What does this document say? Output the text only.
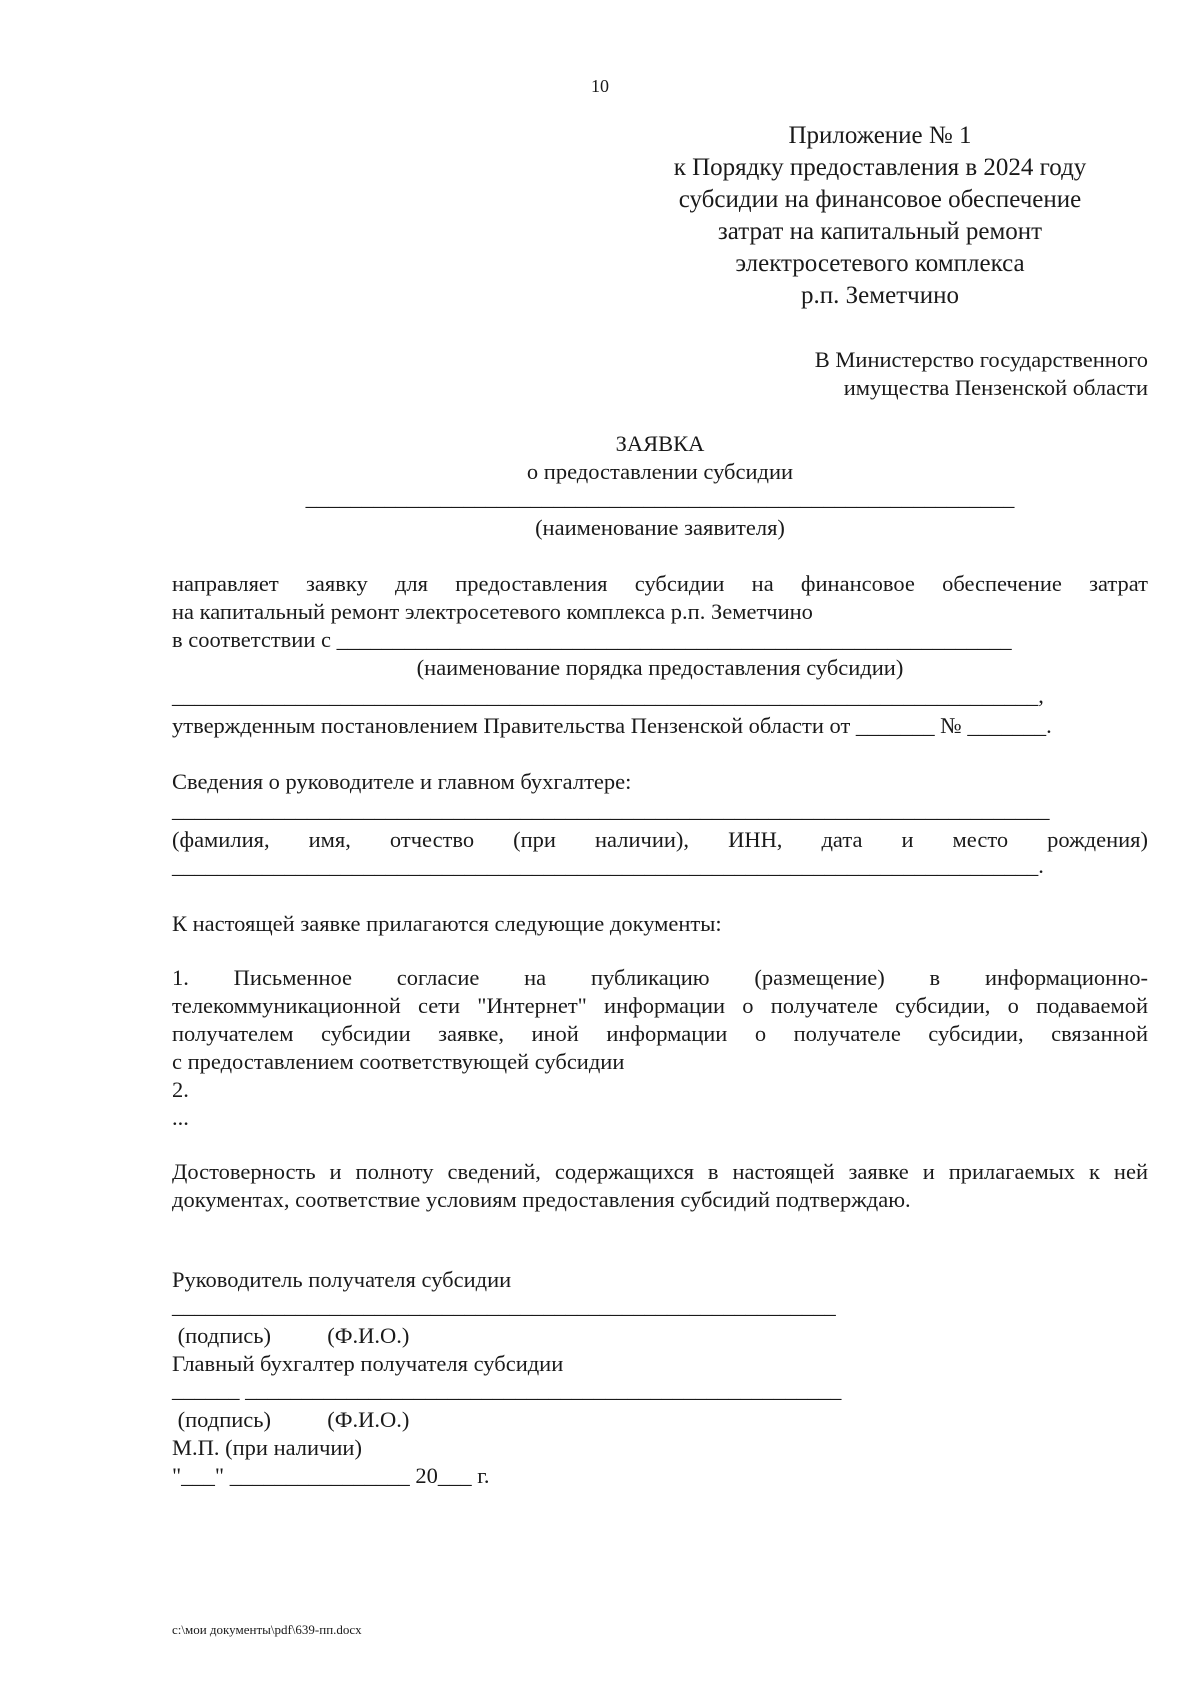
10
Приложение № 1
к Порядку предоставления в 2024 году
субсидии на финансовое обеспечение
затрат на капитальный ремонт
электросетевого комплекса
р.п. Земетчино
В Министерство государственного
имущества Пензенской области
ЗАЯВКА
о предоставлении субсидии
_______________________________________________________________
(наименование заявителя)
направляет заявку для предоставления субсидии на финансовое обеспечение затрат
на капитальный ремонт электросетевого комплекса р.п. Земетчино
в соответствии с ____________________________________________________________
(наименование порядка предоставления субсидии)
_____________________________________________________________________________,
утвержденным постановлением Правительства Пензенской области от _______ № _______.
Сведения о руководителе и главном бухгалтере:
______________________________________________________________________________
(фамилия, имя, отчество (при наличии), ИНН, дата и место рождения)
_____________________________________________________________________________.
К настоящей заявке прилагаются следующие документы:
1. Письменное согласие на публикацию (размещение) в информационно-
телекоммуникационной сети "Интернет" информации о получателе субсидии, о подаваемой
получателем субсидии заявке, иной информации о получателе субсидии, связанной
с предоставлением соответствующей субсидии
2.
...
Достоверность и полноту сведений, содержащихся в настоящей заявке и прилагаемых к ней
документах, соответствие условиям предоставления субсидий подтверждаю.
Руководитель получателя субсидии
___________________________________________________________
(подпись)          (Ф.И.О.)
Главный бухгалтер получателя субсидии
______ _____________________________________________________
(подпись)          (Ф.И.О.)
М.П. (при наличии)
"___" ________________ 20___ г.
c:\мои документы\pdf\639-пп.docx
